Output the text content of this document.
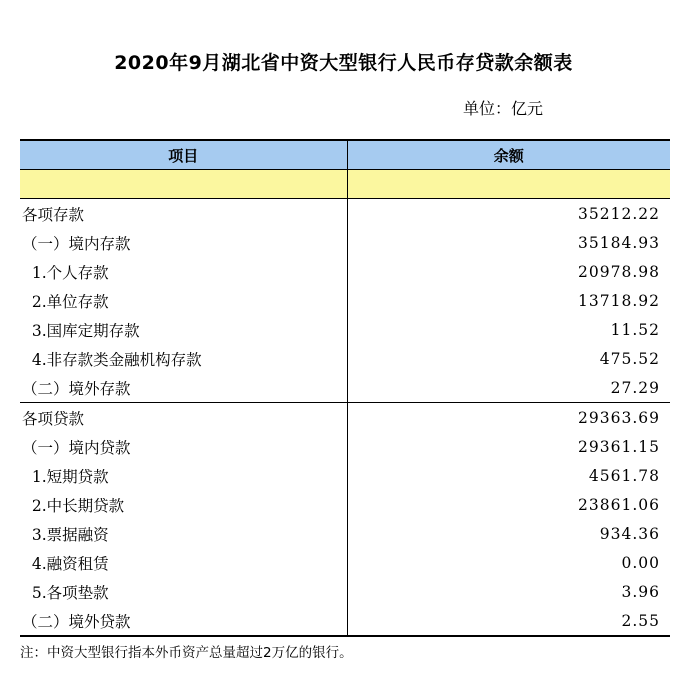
2020年9月湖北省中资大型银行人民币存贷款余额表
单位：亿元
项目	余额

各项存款	35212.22
（一）境内存款	35184.93
1.个人存款	20978.98
2.单位存款	13718.92
3.国库定期存款	11.52
4.非存款类金融机构存款	475.52
（二）境外存款	27.29
各项贷款	29363.69
（一）境内贷款	29361.15
1.短期贷款	4561.78
2.中长期贷款	23861.06
3.票据融资	934.36
4.融资租赁	0.00
5.各项垫款	3.96
（二）境外贷款	2.55
注：中资大型银行指本外币资产总量超过2万亿的银行。
